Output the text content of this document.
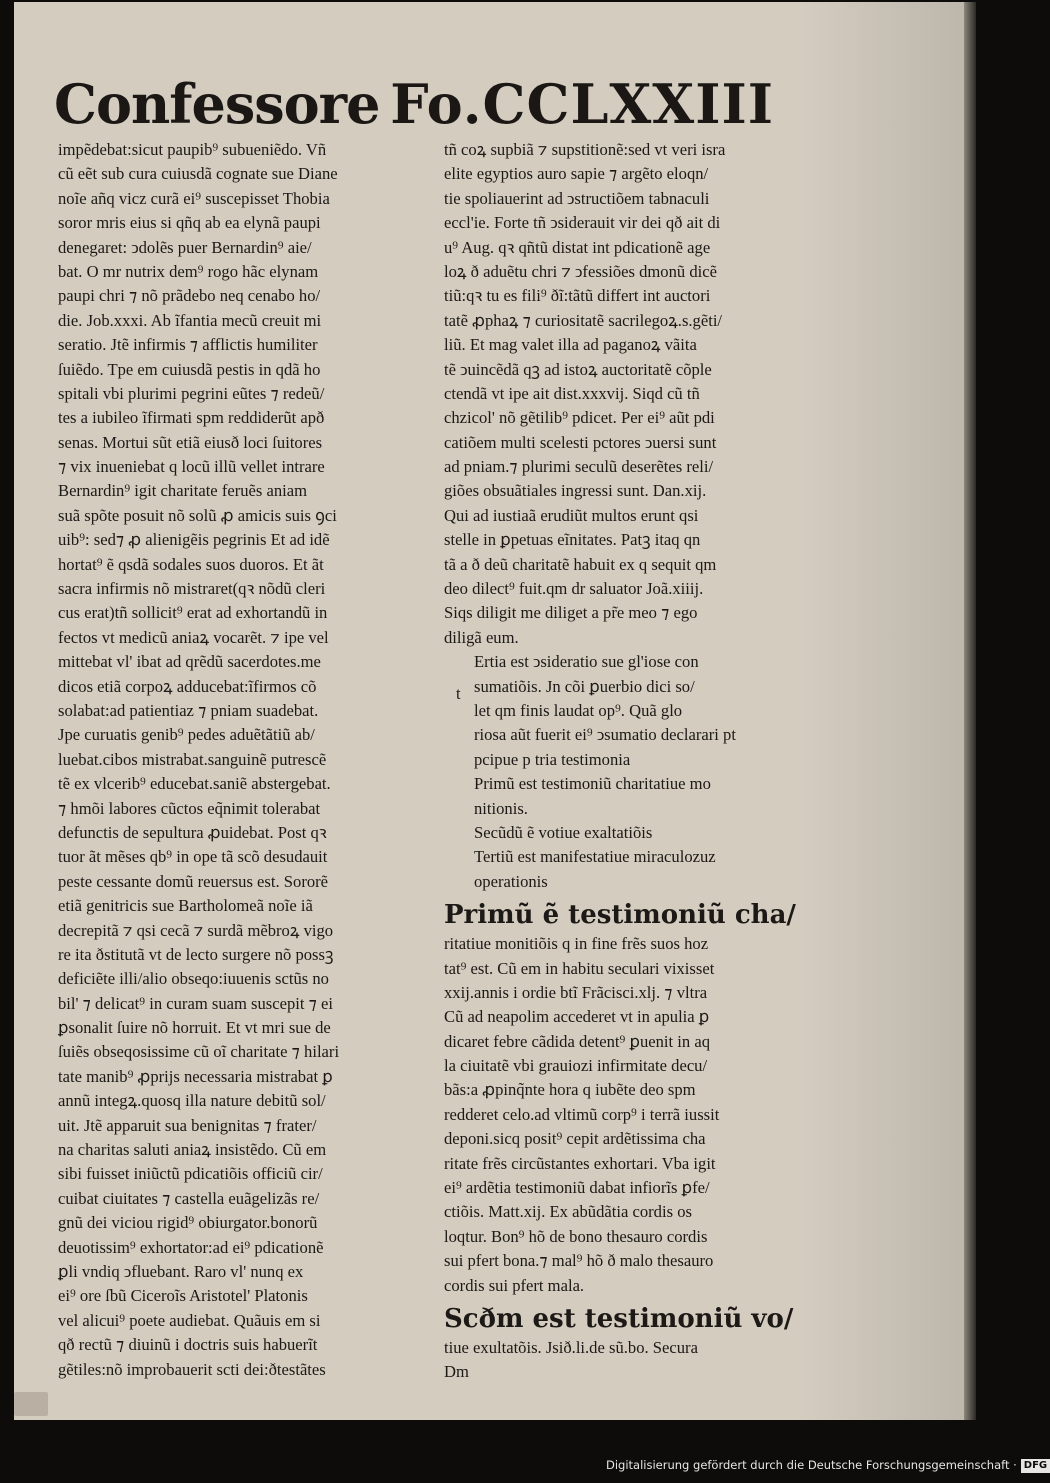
Confessore Fo.CCLXXIII
impẽdebat:sicut paupib⁹ subueniẽdo. Vñ
cũ eẽt sub cura cuiusdã cognate sue Diane
noĩe añq vicz curã ei⁹ suscepisset Thobia
soror mris eius si qñq ab ea elynã paupi
denegaret: ↄdolẽs puer Bernardin⁹ aie/
bat. O mr nutrix dem⁹ rogo hãc elynam
paupi chri ⁊ nõ prãdebo neq cenabo ho/
die. Job.xxxi. Ab ĩfantia mecũ creuit mi
seratio. Jtẽ infirmis ⁊ afflictis humiliter
ſuiẽdo. Tpe em cuiusdã pestis in qdã ho
spitali vbi plurimi pegrini eũtes ⁊ redeũ/
tes a iubileo ĩfirmati spm reddiderũt apð
senas. Mortui sũt etiã eiusð loci ſuitores
⁊ vix inueniebat q locũ illũ vellet intrare
Bernardin⁹ igit charitate feruẽs aniam
suã spõte posuit nõ solũ ꝓ amicis suis ꝯci
uib⁹: sed⁊ ꝓ alienigẽis pegrinis Et ad idẽ
hortat⁹ ẽ qsdã sodales suos duoros. Et ãt
sacra infirmis nõ mistraret(qꝛ nõdũ cleri
cus erat)tñ sollicit⁹ erat ad exhortandũ in
fectos vt medicũ aniaꝝ vocarẽt. ⁊ ipe vel
mittebat vl' ibat ad qrẽdũ sacerdotes.me
dicos etiã corpoꝝ adducebat:ĩfirmos cõ
solabat:ad patientiaz ⁊ pniam suadebat.
Jpe curuatis genib⁹ pedes aduẽtãtiũ ab/
luebat.cibos mistrabat.sanguinẽ putrescẽ
tẽ ex vlcerib⁹ educebat.saniẽ abstergebat.
⁊ hmõi labores cũctos eq̃nimit tolerabat
defunctis de sepultura ꝓuidebat. Post qꝛ
tuor ãt mẽses qb⁹ in ope tã scõ desudauit
peste cessante domũ reuersus est. Sororẽ
etiã genitricis sue Bartholomeã noĩe iã
decrepitã ⁊ qsi cecã ⁊ surdã mẽbroꝝ vigo
re ita ðstitutã vt de lecto surgere nõ possꝫ
deficiẽte illi/alio obseqo:iuuenis sctũs no
bil' ⁊ delicat⁹ in curam suam suscepit ⁊ ei
ꝑsonalit ſuire nõ horruit. Et vt mri sue de
ſuiẽs obseqosissime cũ oĩ charitate ⁊ hilari
tate manib⁹ ꝓprijs necessaria mistrabat ꝑ
annũ integꝝ.quosq illa nature debitũ sol/
uit. Jtẽ apparuit sua benignitas ⁊ frater/
na charitas saluti aniaꝝ insistẽdo. Cũ em
sibi fuisset iniũctũ pdicatiõis officiũ cir/
cuibat ciuitates ⁊ castella euãgelizãs re/
gnũ dei viciou rigid⁹ obiurgator.bonorũ
deuotissim⁹ exhortator:ad ei⁹ pdicationẽ
ꝑli vndiq ↄfluebant. Raro vl' nunq ex
ei⁹ ore ſbũ Ciceroĩs Aristotel' Platonis
vel alicui⁹ poete audiebat. Quãuis em si
qð rectũ ⁊ diuinũ i doctris suis habuerĩt
gẽtiles:nõ improbauerit scti dei:ðtestãtes
tñ coꝝ supbiã ⁊ supstitionẽ:sed vt veri isra
elite egyptios auro sapie ⁊ argẽto eloqn/
tie spoliauerint ad ↄstructiõem tabnaculi
eccl'ie. Forte tñ ↄsiderauit vir dei qð ait di
u⁹ Aug. qꝛ qñtũ distat int pdicationẽ age
loꝝ ð aduẽtu chri ⁊ ↄfessiões dmonũ dicẽ
tiũ:qꝛ tu es fili⁹ ðĩ:tãtũ differt int auctori
tatẽ ꝓphaꝝ ⁊ curiositatẽ sacrilegoꝝ.s.gẽti/
liũ. Et mag valet illa ad paganoꝝ vãita
tẽ ↄuincẽdã qꝫ ad istoꝝ auctoritatẽ cõple
ctendã vt ipe ait dist.xxxvij. Siqd cũ tñ
chzicol' nõ gẽtilib⁹ pdicet. Per ei⁹ aũt pdi
catiõem multi scelesti pctores ↄuersi sunt
ad pniam.⁊ plurimi seculũ deserẽtes reli/
giões obsuãtiales ingressi sunt. Dan.xij.
Qui ad iustiaã erudiũt multos erunt qsi
stelle in ꝑpetuas eĩnitates. Patꝫ itaq qn
tã a ð deũ charitatẽ habuit ex q sequit qm
deo dilect⁹ fuit.qm dr saluator Joã.xiiij.
Siqs diligit me diliget a pr̃e meo ⁊ ego
diligã eum.
t
Ertia est ↄsideratio sue gl'iose con
sumatiõis. Jn cõi ꝑuerbio dici so/
let qm finis laudat op⁹. Quã glo
riosa aũt fuerit ei⁹ ↄsumatio declarari pt
pcipue p tria testimonia
Primũ est testimoniũ charitatiue mo
nitionis.
Secũdũ ẽ votiue exaltatiõis
Tertiũ est manifestatiue miraculozuz
operationis
Primũ ẽ testimoniũ cha/
ritatiue monitiõis q in fine frẽs suos hoz
tat⁹ est. Cũ em in habitu seculari vixisset
xxij.annis i ordie btĩ Frãcisci.xlj. ⁊ vltra
Cũ ad neapolim accederet vt in apulia ꝑ
dicaret febre cãdida detent⁹ ꝑuenit in aq
la ciuitatẽ vbi grauiozi infirmitate decu/
bãs:a ꝓpinq̃nte hora q iubẽte deo spm
redderet celo.ad vltimũ corp⁹ i terrã iussit
deponi.sicq posit⁹ cepit ardẽtissima cha
ritate frẽs circũstantes exhortari. Vba igit
ei⁹ ardẽtia testimoniũ dabat infiorĩs ꝑfe/
ctiõis. Matt.xij. Ex abũdãtia cordis os
loqtur. Bon⁹ hõ de bono thesauro cordis
sui pfert bona.⁊ mal⁹ hõ ð malo thesauro
cordis sui pfert mala.
Scðm est testimoniũ vo/
tiue exultatõis. Jsið.li.de sũ.bo. Secura
Dm
Digitalisierung gefördert durch die Deutsche Forschungsgemeinschaft · DFG
